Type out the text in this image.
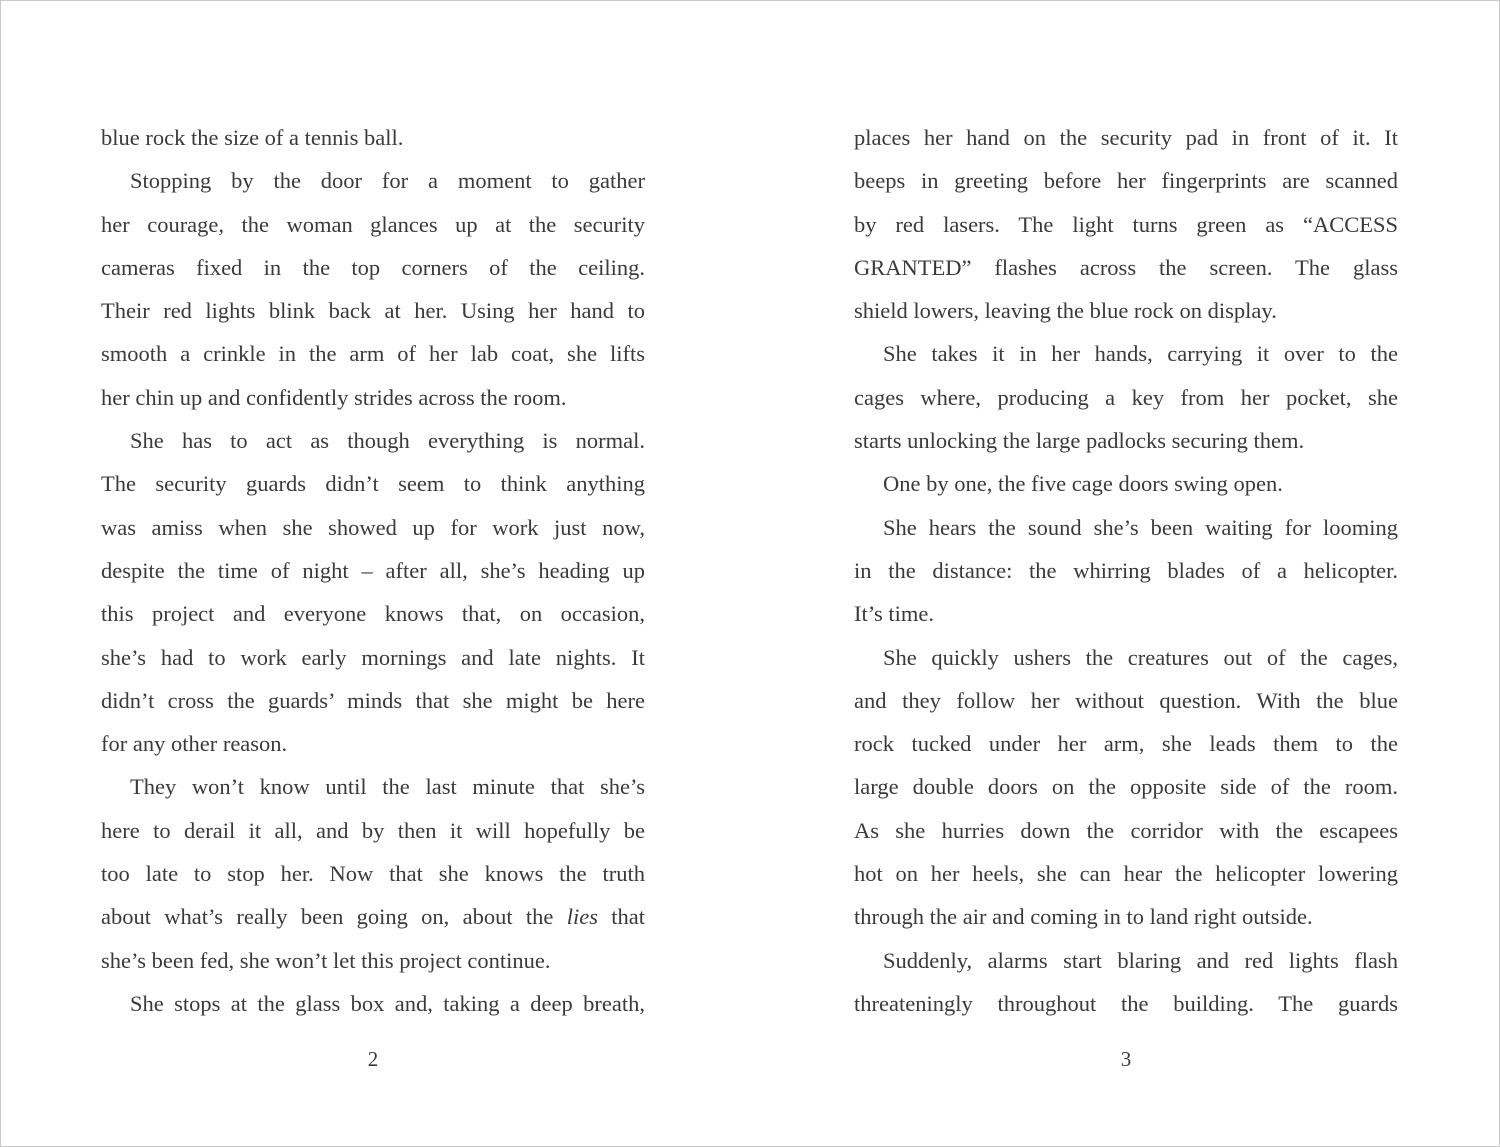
blue rock the size of a tennis ball.
Stopping by the door for a moment to gather
her courage, the woman glances up at the security
cameras fixed in the top corners of the ceiling.
Their red lights blink back at her. Using her hand to
smooth a crinkle in the arm of her lab coat, she lifts
her chin up and confidently strides across the room.
She has to act as though everything is normal.
The security guards didn’t seem to think anything
was amiss when she showed up for work just now,
despite the time of night – after all, she’s heading up
this project and everyone knows that, on occasion,
she’s had to work early mornings and late nights. It
didn’t cross the guards’ minds that she might be here
for any other reason.
They won’t know until the last minute that she’s
here to derail it all, and by then it will hopefully be
too late to stop her. Now that she knows the truth
about what’s really been going on, about the lies that
she’s been fed, she won’t let this project continue.
She stops at the glass box and, taking a deep breath,
places her hand on the security pad in front of it. It
beeps in greeting before her fingerprints are scanned
by red lasers. The light turns green as “ACCESS
GRANTED” flashes across the screen. The glass
shield lowers, leaving the blue rock on display.
She takes it in her hands, carrying it over to the
cages where, producing a key from her pocket, she
starts unlocking the large padlocks securing them.
One by one, the five cage doors swing open.
She hears the sound she’s been waiting for looming
in the distance: the whirring blades of a helicopter.
It’s time.
She quickly ushers the creatures out of the cages,
and they follow her without question. With the blue
rock tucked under her arm, she leads them to the
large double doors on the opposite side of the room.
As she hurries down the corridor with the escapees
hot on her heels, she can hear the helicopter lowering
through the air and coming in to land right outside.
Suddenly, alarms start blaring and red lights flash
threateningly throughout the building. The guards
2	3
